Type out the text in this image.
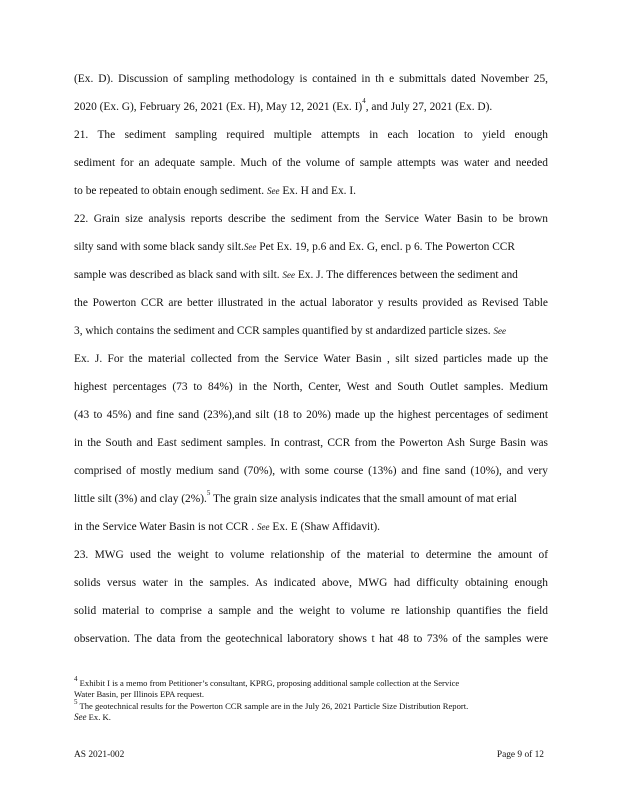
(Ex. D). Discussion of sampling methodology is contained in th e submittals dated November 25,
2020 (Ex. G), February 26, 2021 (Ex. H), May 12, 2021 (Ex. I)$^4$, and July 27, 2021 (Ex. D).
21. The sediment sampling required multiple attempts in each location to yield enough
sediment for an adequate sample. Much of the volume of sample attempts was water and needed
to be repeated to obtain enough sediment. See Ex. H and Ex. I.
22. Grain size analysis reports describe the sediment from the Service Water Basin to be brown
silty sand with some black sandy silt.See Pet Ex. 19, p.6 and Ex. G, encl. p 6. The Powerton CCR
sample was described as black sand with silt. See Ex. J. The differences between the sediment and
the Powerton CCR are better illustrated in the actual laborator y results provided as Revised Table
3, which contains the sediment and CCR samples quantified by st andardized particle sizes. See
Ex. J. For the material collected from the Service Water Basin , silt sized particles made up the
highest percentages (73 to 84%) in the North, Center, West and South Outlet samples. Medium
(43 to 45%) and fine sand (23%),and silt (18 to 20%) made up the highest percentages of sediment
in the South and East sediment samples. In contrast, CCR from the Powerton Ash Surge Basin was
comprised of mostly medium sand (70%), with some course (13%) and fine sand (10%), and very
little silt (3%) and clay (2%).$^5$ The grain size analysis indicates that the small amount of mat erial
in the Service Water Basin is not CCR . See Ex. E (Shaw Affidavit).
23. MWG used the weight to volume relationship of the material to determine the amount of
solids versus water in the samples. As indicated above, MWG had difficulty obtaining enough
solid material to comprise a sample and the weight to volume re lationship quantifies the field
observation. The data from the geotechnical laboratory shows t hat 48 to 73% of the samples were
$^4$ Exhibit I is a memo from Petitioner’s consultant, KPRG, proposing additional sample collection at the Service
Water Basin, per Illinois EPA request.
$^5$ The geotechnical results for the Powerton CCR sample are in the July 26, 2021 Particle Size Distribution Report.
See Ex. K.
AS 2021-002	Page 9 of 12
